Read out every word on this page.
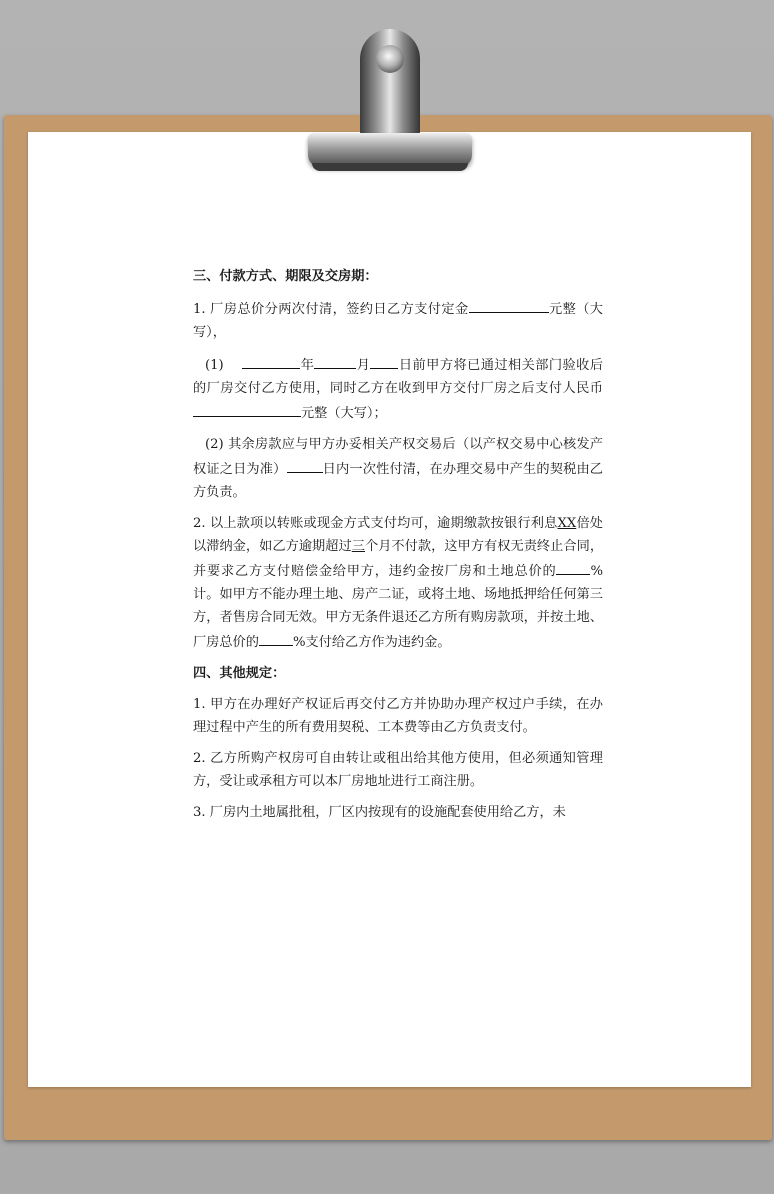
三、付款方式、期限及交房期：

1. 厂房总价分两次付清，签约日乙方支付定金	元整（大写），

(1)	年	月 日前甲方将已通过相关部门验收后的厂房交付乙方使用，同时乙方在收到甲方交付厂房之后支付人民币元整（大写）；

(2) 其余房款应与甲方办妥相关产权交易后（以产权交易中心核发产权证之日为准）	日内一次性付清，在办理交易中产生的契税由乙方负责。

2. 以上款项以转账或现金方式支付均可，逾期缴款按银行利息XX倍处以滞纳金，如乙方逾期超过三个月不付款，这甲方有权无责终止合同，并要求乙方支付赔偿金给甲方，违约金按厂房和土地总价的	%计。如甲方不能办理土地、房产二证，或将土地、场地抵押给任何第三方，者售房合同无效。甲方无条件退还乙方所有购房款项，并按土地、厂房总价的	%支付给乙方作为违约金。

四、其他规定：

1. 甲方在办理好产权证后再交付乙方并协助办理产权过户手续，在办理过程中产生的所有费用契税、工本费等由乙方负责支付。

2. 乙方所购产权房可自由转让或租出给其他方使用，但必须通知管理方，受让或承租方可以本厂房地址进行工商注册。

3. 厂房内土地属批租，厂区内按现有的设施配套使用给乙方，未
